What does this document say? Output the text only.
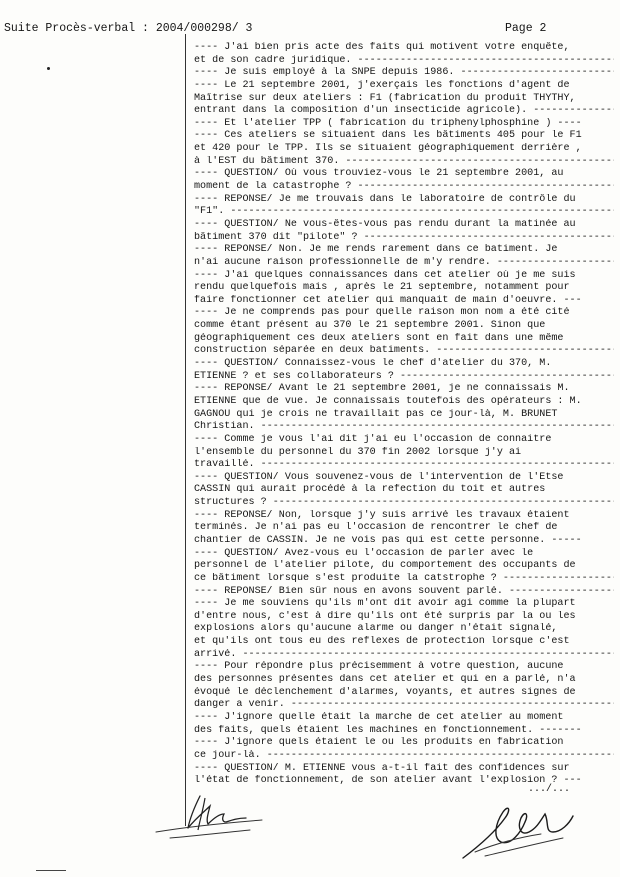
Suite Procès-verbal : 2004/000298/ 3	Page 2
---- J'ai bien pris acte des faits qui motivent votre enquête,
et de son cadre juridique. -----
---- Je suis employé à la SNPE depuis 1986. -----
---- Le 21 septembre 2001, j'exerçais les fonctions d'agent de
Maîtrise sur deux ateliers : F1 (fabrication du produit THYTHY,
entrant dans la composition d'un insecticide agricole). -----
---- Et l'atelier TPP ( fabrication du triphenylphosphine ) ----
---- Ces ateliers se situaient dans les bâtiments 405 pour le F1
et 420 pour le TPP. Ils se situaient géographiquement derrière ,
à l'EST du bâtiment 370. -----
---- QUESTION/ Où vous trouviez-vous le 21 septembre 2001, au
moment de la catastrophe ? -----
---- REPONSE/ Je me trouvais dans le laboratoire de contrôle du
"F1". -----
---- QUESTION/ Ne vous-êtes-vous pas rendu durant la matinée au
bâtiment 370 dit "pilote" ? -----
---- REPONSE/ Non. Je me rends rarement dans ce batiment. Je
n'ai aucune raison professionnelle de m'y rendre. -----
---- J'ai quelques connaissances dans cet atelier où je me suis
rendu quelquefois mais , après le 21 septembre, notamment pour
faire fonctionner cet atelier qui manquait de main d'oeuvre. ---
---- Je ne comprends pas pour quelle raison mon nom a été cité
comme étant présent au 370 le 21 septembre 2001. Sinon que
géographiquement ces deux ateliers sont en fait dans une même
construction séparée en deux batiments. -----
---- QUESTION/ Connaissez-vous le chef d'atelier du 370, M.
ETIENNE ? et ses collaborateurs ? -----
---- REPONSE/ Avant le 21 septembre 2001, je ne connaissais M.
ETIENNE que de vue. Je connaissais toutefois des opérateurs : M.
GAGNOU qui je crois ne travaillait pas ce jour-là, M. BRUNET
Christian. -----
---- Comme je vous l'ai dit j'ai eu l'occasion de connaitre
l'ensemble du personnel du 370 fin 2002 lorsque j'y ai
travaillé. -----
---- QUESTION/ Vous souvenez-vous de l'intervention de l'Etse
CASSIN qui aurait procédé à la refection du toit et autres
structures ? -----
---- REPONSE/ Non, lorsque j'y suis arrivé les travaux étaient
terminés. Je n'ai pas eu l'occasion de rencontrer le chef de
chantier de CASSIN. Je ne vois pas qui est cette personne. -----
---- QUESTION/ Avez-vous eu l'occasion de parler avec le
personnel de l'atelier pilote, du comportement des occupants de
ce bâtiment lorsque s'est produite la catstrophe ? -----
---- REPONSE/ Bien sûr nous en avons souvent parlé. -----
---- Je me souviens qu'ils m'ont dit avoir agi comme la plupart
d'entre nous, c'est à dire qu'ils ont été surpris par la ou les
explosions alors qu'aucune alarme ou danger n'était signalé,
et qu'ils ont tous eu des reflexes de protection lorsque c'est
arrivé. -----
---- Pour répondre plus précisemment à votre question, aucune
des personnes présentes dans cet atelier et qui en a parlé, n'a
évoqué le déclenchement d'alarmes, voyants, et autres signes de
danger a venir. -----
---- J'ignore quelle était la marche de cet atelier au moment
des faits, quels étaient les machines en fonctionnement. -------
---- J'ignore quels étaient le ou les produits en fabrication
ce jour-là. -----
---- QUESTION/ M. ETIENNE vous a-t-il fait des confidences sur
l'état de fonctionnement, de son atelier avant l'explosion ? ---
.../...
